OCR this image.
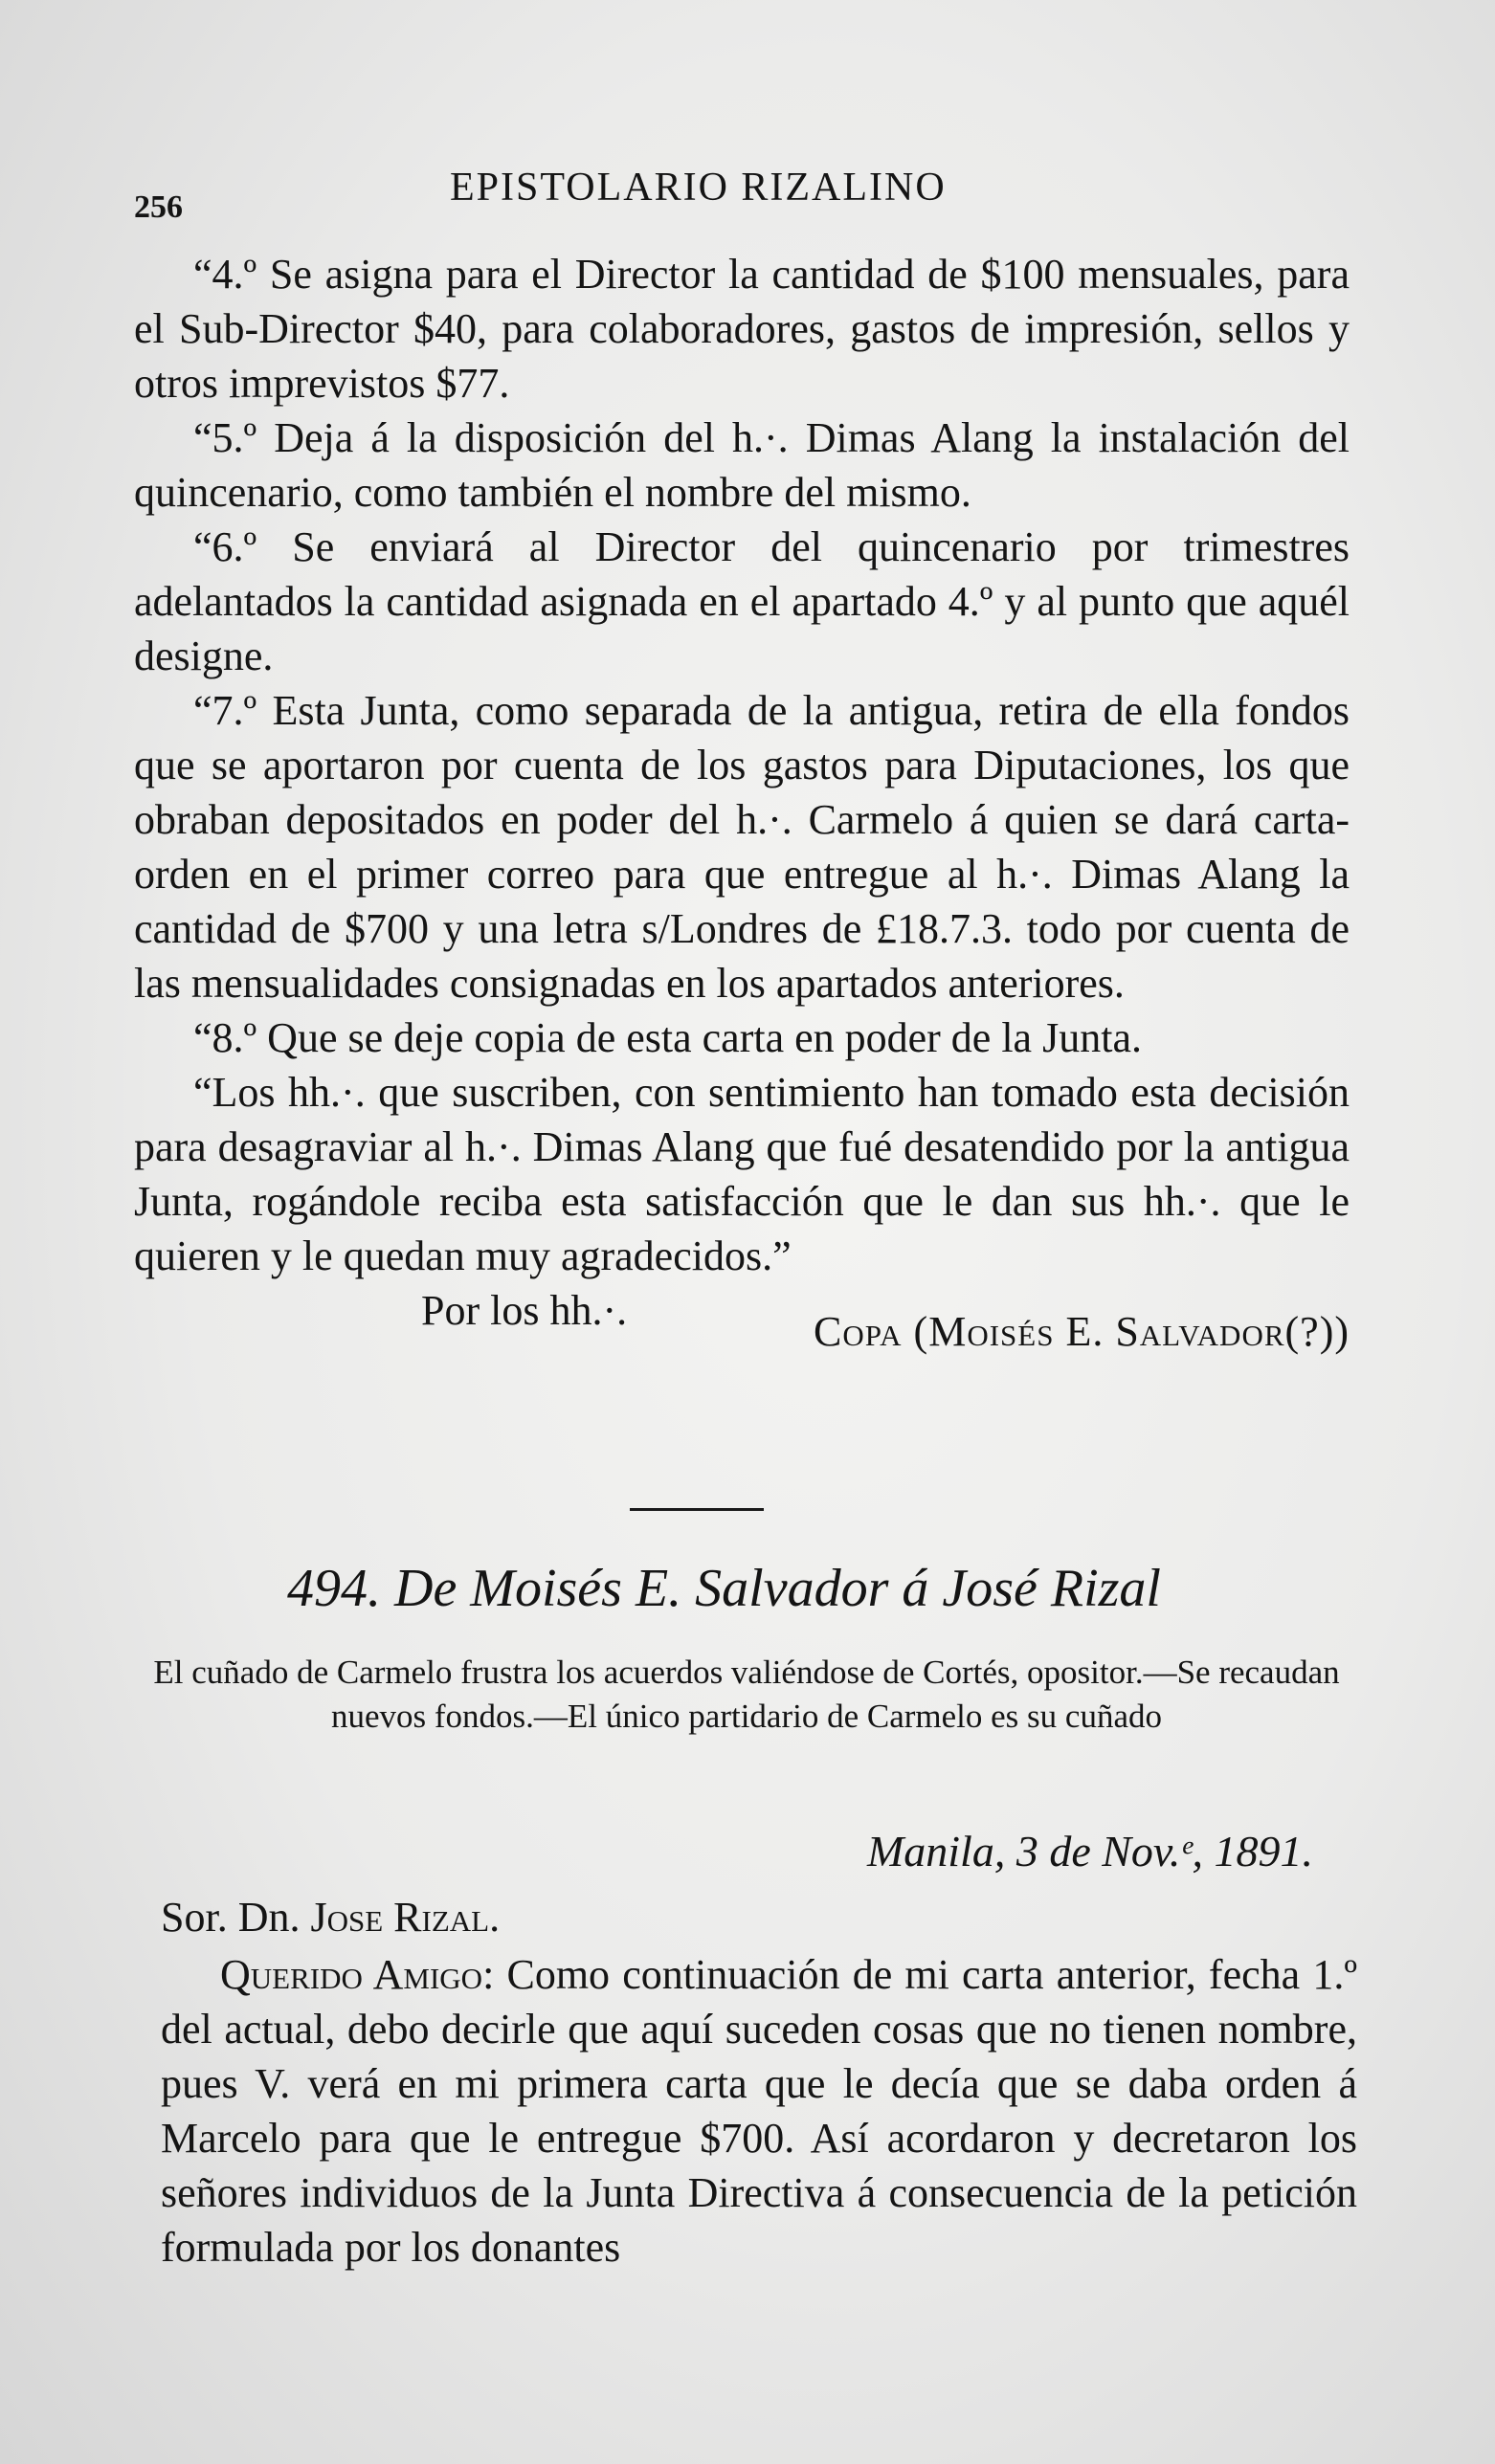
256	EPISTOLARIO RIZALINO

“4.º Se asigna para el Director la cantidad de $100 mensuales, para el Sub-Director $40, para colaboradores, gastos de impresión, sellos y otros imprevistos $77.

“5.º Deja á la disposición del h.·. Dimas Alang la instalación del quincenario, como también el nombre del mismo.

“6.º Se enviará al Director del quincenario por trimestres adelantados la cantidad asignada en el apartado 4.º y al punto que aquél designe.

“7.º Esta Junta, como separada de la antigua, retira de ella fondos que se aportaron por cuenta de los gastos para Diputaciones, los que obraban depositados en poder del h.·. Carmelo á quien se dará carta-orden en el primer correo para que entregue al h.·. Dimas Alang la cantidad de $700 y una letra s/Londres de £18.7.3. todo por cuenta de las mensualidades consignadas en los apartados anteriores.

“8.º Que se deje copia de esta carta en poder de la Junta.

“Los hh.·. que suscriben, con sentimiento han tomado esta decisión para desagraviar al h.·. Dimas Alang que fué desatendido por la antigua Junta, rogándole reciba esta satisfacción que le dan sus hh.·. que le quieren y le quedan muy agradecidos.”

Por los hh.·.	Copa (Moisés E. Salvador(?))
494. De Moisés E. Salvador á José Rizal
El cuñado de Carmelo frustra los acuerdos valiéndose de Cortés, opositor.—Se recaudan nuevos fondos.—El único partidario de Carmelo es su cuñado
Manila, 3 de Nov.ᵉ, 1891.
Sor. Dn. Jose Rizal.

Querido Amigo: Como continuación de mi carta anterior, fecha 1.º del actual, debo decirle que aquí suceden cosas que no tienen nombre, pues V. verá en mi primera carta que le decía que se daba orden á Marcelo para que le entregue $700. Así acordaron y decretaron los señores individuos de la Junta Directiva á consecuencia de la petición formulada por los donantes
